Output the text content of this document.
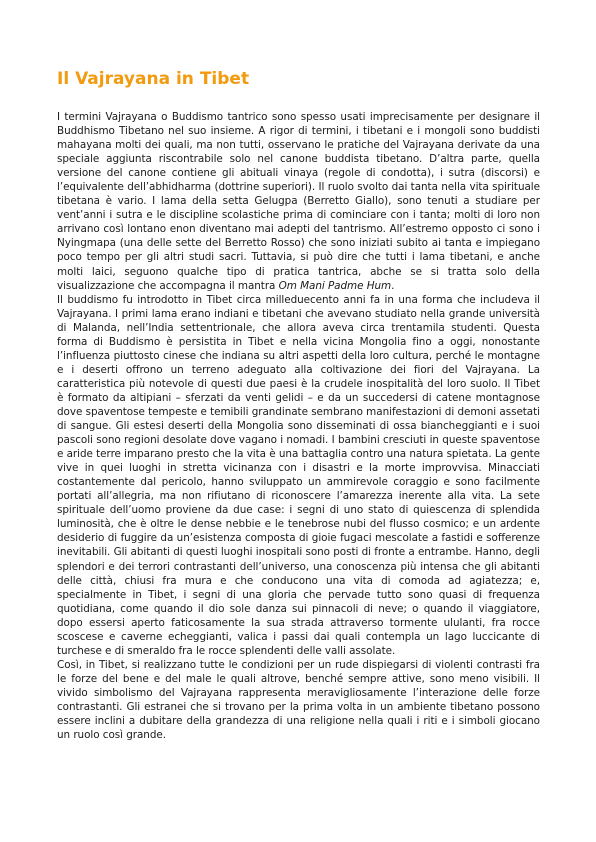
Il Vajrayana in Tibet

I termini Vajrayana o Buddismo tantrico sono spesso usati imprecisamente per designare il Buddhismo Tibetano nel suo insieme. A rigor di termini, i tibetani e i mongoli sono buddisti mahayana molti dei quali, ma non tutti, osservano le pratiche del Vajrayana derivate da una speciale aggiunta riscontrabile solo nel canone buddista tibetano. D’altra parte, quella versione del canone contiene gli abituali vinaya (regole di condotta), i sutra (discorsi) e l’equivalente dell’abhidharma (dottrine superiori). Il ruolo svolto dai tanta nella vita spirituale tibetana è vario. I lama della setta Gelugpa (Berretto Giallo), sono tenuti a studiare per vent’anni i sutra e le discipline scolastiche prima di cominciare con i tanta; molti di loro non arrivano così lontano enon diventano mai adepti del tantrismo. All’estremo opposto ci sono i Nyingmapa (una delle sette del Berretto Rosso) che sono iniziati subito ai tanta e impiegano poco tempo per gli altri studi sacri. Tuttavia, si può dire che tutti i lama tibetani, e anche molti laici, seguono qualche tipo di pratica tantrica, abche se si tratta solo della visualizzazione che accompagna il mantra Om Mani Padme Hum.

Il buddismo fu introdotto in Tibet circa milleduecento anni fa in una forma che includeva il Vajrayana. I primi lama erano indiani e tibetani che avevano studiato nella grande università di Malanda, nell’India settentrionale, che allora aveva circa trentamila studenti. Questa forma di Buddismo è persistita in Tibet e nella vicina Mongolia fino a oggi, nonostante l’influenza piuttosto cinese che indiana su altri aspetti della loro cultura, perché le montagne e i deserti offrono un terreno adeguato alla coltivazione dei fiori del Vajrayana. La caratteristica più notevole di questi due paesi è la crudele inospitalità del loro suolo. Il Tibet è formato da altipiani – sferzati da venti gelidi – e da un succedersi di catene montagnose dove spaventose tempeste e temibili grandinate sembrano manifestazioni di demoni assetati di sangue. Gli estesi deserti della Mongolia sono disseminati di ossa biancheggianti e i suoi pascoli sono regioni desolate dove vagano i nomadi. I bambini cresciuti in queste spaventose e aride terre imparano presto che la vita è una battaglia contro una natura spietata. La gente vive in quei luoghi in stretta vicinanza con i disastri e la morte improvvisa. Minacciati costantemente dal pericolo, hanno sviluppato un ammirevole coraggio e sono facilmente portati all’allegria, ma non rifiutano di riconoscere l’amarezza inerente alla vita. La sete spirituale dell’uomo proviene da due case: i segni di uno stato di quiescenza di splendida luminosità, che è oltre le dense nebbie e le tenebrose nubi del flusso cosmico; e un ardente desiderio di fuggire da un’esistenza composta di gioie fugaci mescolate a fastidi e sofferenze inevitabili. Gli abitanti di questi luoghi inospitali sono posti di fronte a entrambe. Hanno, degli splendori e dei terrori contrastanti dell’universo, una conoscenza più intensa che gli abitanti delle città, chiusi fra mura e che conducono una vita di comoda ad agiatezza; e, specialmente in Tibet, i segni di una gloria che pervade tutto sono quasi di frequenza quotidiana, come quando il dio sole danza sui pinnacoli di neve; o quando il viaggiatore, dopo essersi aperto faticosamente la sua strada attraverso tormente ululanti, fra rocce scoscese e caverne echeggianti, valica i passi dai quali contempla un lago luccicante di turchese e di smeraldo fra le rocce splendenti delle valli assolate.

Così, in Tibet, si realizzano tutte le condizioni per un rude dispiegarsi di violenti contrasti fra le forze del bene e del male le quali altrove, benché sempre attive, sono meno visibili. Il vivido simbolismo del Vajrayana rappresenta meravigliosamente l’interazione delle forze contrastanti. Gli estranei che si trovano per la prima volta in un ambiente tibetano possono essere inclini a dubitare della grandezza di una religione nella quali i riti e i simboli giocano un ruolo così grande.
